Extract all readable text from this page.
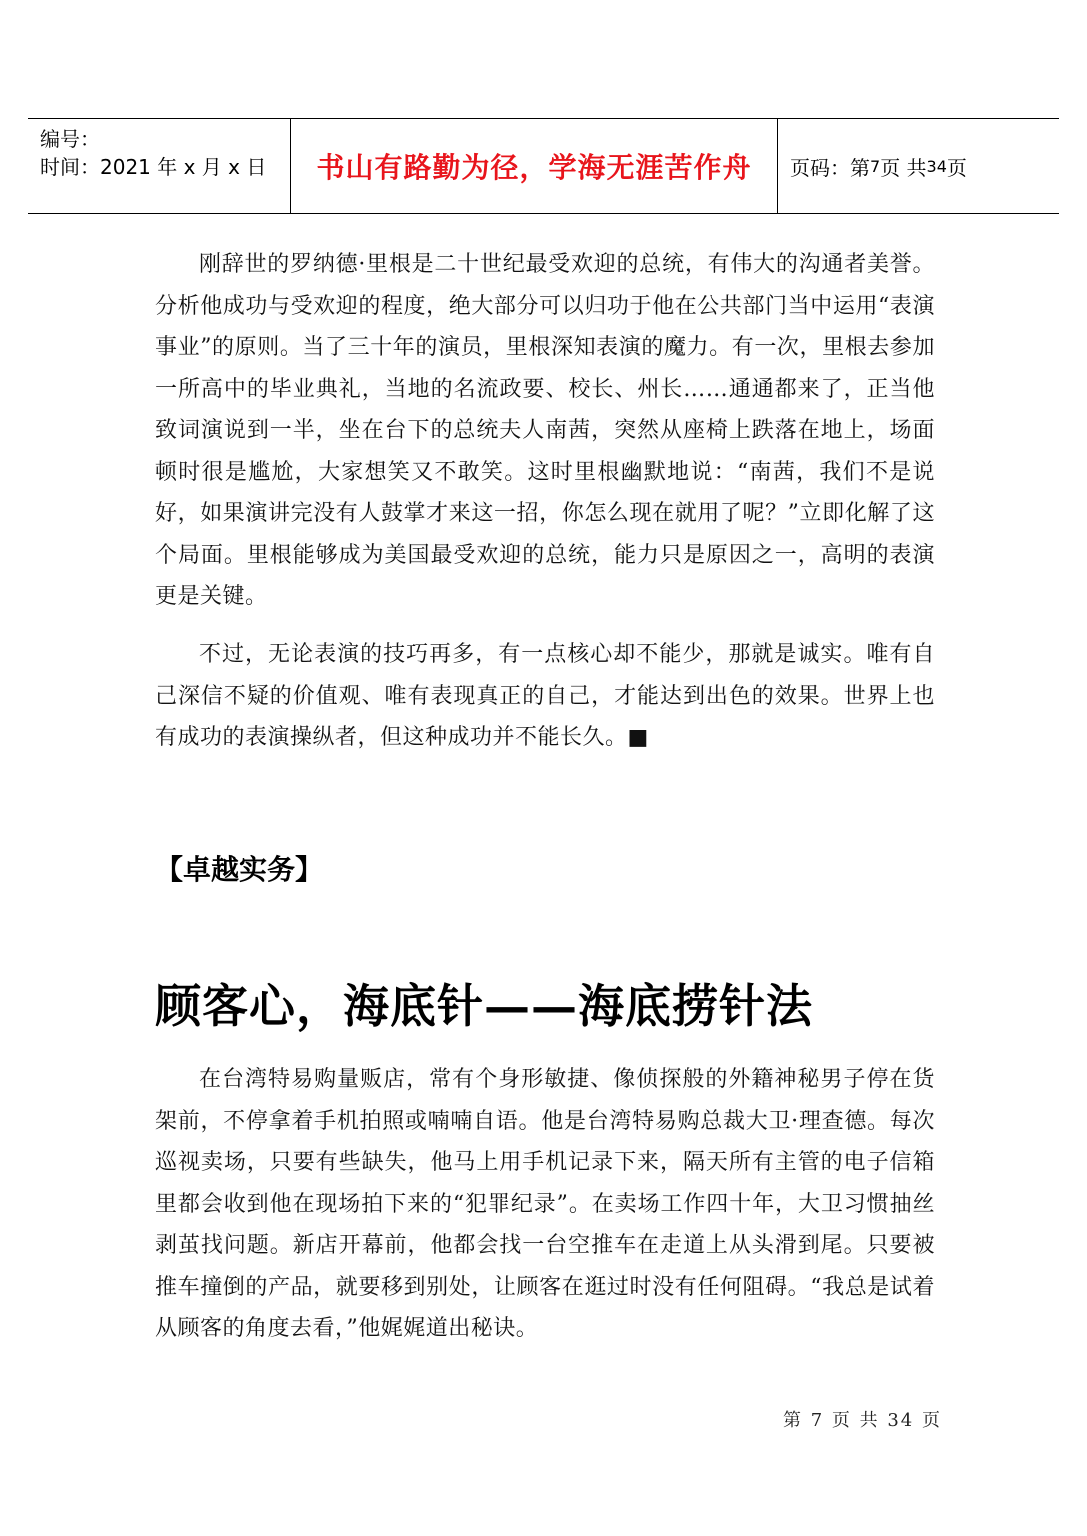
编号：
时间：2021 年 x 月 x 日	书山有路勤为径，学海无涯苦作舟	页码：第 7 页 共 34 页

刚辞世的罗纳德·里根是二十世纪最受欢迎的总统，有伟大的沟通者美誉。分析他成功与受欢迎的程度，绝大部分可以归功于他在公共部门当中运用“表演事业”的原则。当了三十年的演员，里根深知表演的魔力。有一次，里根去参加一所高中的毕业典礼，当地的名流政要、校长、州长……通通都来了，正当他致词演说到一半，坐在台下的总统夫人南茜，突然从座椅上跌落在地上，场面顿时很是尴尬，大家想笑又不敢笑。这时里根幽默地说：“南茜，我们不是说好，如果演讲完没有人鼓掌才来这一招，你怎么现在就用了呢？”立即化解了这个局面。里根能够成为美国最受欢迎的总统，能力只是原因之一，高明的表演更是关键。

不过，无论表演的技巧再多，有一点核心却不能少，那就是诚实。唯有自己深信不疑的价值观、唯有表现真正的自己，才能达到出色的效果。世界上也有成功的表演操纵者，但这种成功并不能长久。■

【卓越实务】
顾客心，海底针——海底捞针法

在台湾特易购量贩店，常有个身形敏捷、像侦探般的外籍神秘男子停在货架前，不停拿着手机拍照或喃喃自语。他是台湾特易购总裁大卫·理查德。每次巡视卖场，只要有些缺失，他马上用手机记录下来，隔天所有主管的电子信箱里都会收到他在现场拍下来的“犯罪纪录”。在卖场工作四十年，大卫习惯抽丝剥茧找问题。新店开幕前，他都会找一台空推车在走道上从头滑到尾。只要被推车撞倒的产品，就要移到别处，让顾客在逛过时没有任何阻碍。“我总是试着从顾客的角度去看，”他娓娓道出秘诀。

第 7 页 共 34 页
